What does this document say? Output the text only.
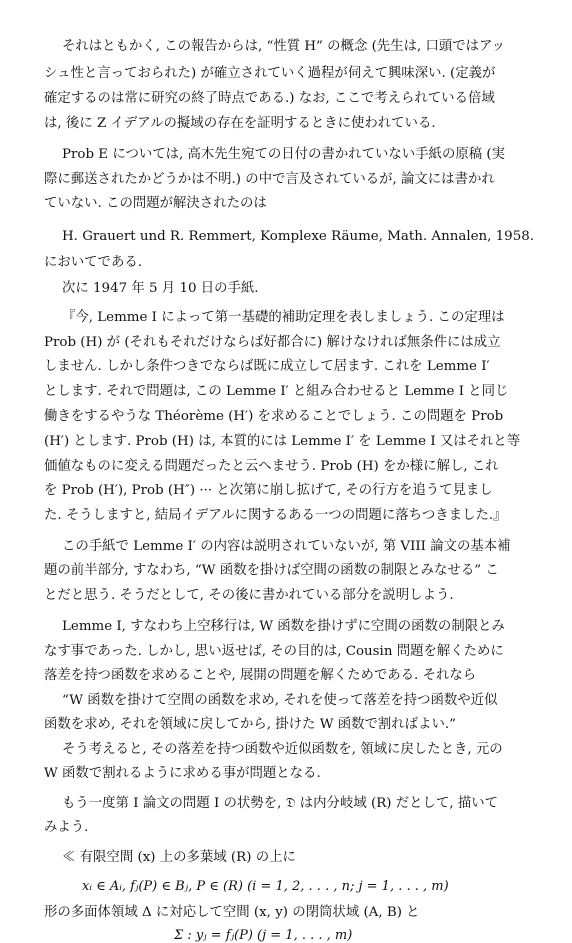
それはともかく, この報告からは, “性質 H” の概念 (先生は, 口頭ではアッ
シュ性と言っておられた) が確立されていく過程が伺えて興味深い. (定義が
確定するのは常に研究の終了時点である.) なお, ここで考えられている倍域
は, 後に Z イデアルの擬域の存在を証明するときに使われている.
Prob E については, 高木先生宛ての日付の書かれていない手紙の原稿 (実
際に郵送されたかどうかは不明.) の中で言及されているが, 論文には書かれ
ていない. この問題が解決されたのは
H. Grauert und R. Remmert, Komplexe Räume, Math. Annalen, 1958.
においてである.
次に 1947 年 5 月 10 日の手紙.
『今, Lemme I によって第一基礎的補助定理を表しましょう. この定理は
Prob (H) が (それもそれだけならば好都合に) 解けなければ無条件には成立
しません. しかし条件つきでならば既に成立して居ます. これを Lemme I′
とします. それで問題は, この Lemme I′ と組み合わせると Lemme I と同じ
働きをするやうな Théorème (H′) を求めることでしょう. この問題を Prob
(H′) とします. Prob (H) は, 本質的には Lemme I′ を Lemme I 又はそれと等
価値なものに変える問題だったと云へませう. Prob (H) をか様に解し, これ
を Prob (H′), Prob (H″) ··· と次第に崩し拡げて, その行方を追うて見まし
た. そうしますと, 結局イデアルに関するある一つの問題に落ちつきました.』
この手紙で Lemme I′ の内容は説明されていないが, 第 VIII 論文の基本補
題の前半部分, すなわち, “W 函数を掛けば空間の函数の制限とみなせる” こ
とだと思う. そうだとして, その後に書かれている部分を説明しよう.
Lemme I, すなわち上空移行は, W 函数を掛けずに空間の函数の制限とみ
なす事であった. しかし, 思い返せば, その目的は, Cousin 問題を解くために
落差を持つ函数を求めることや, 展開の問題を解くためである. それなら
“W 函数を掛けて空間の函数を求め, それを使って落差を持つ函数や近似
函数を求め, それを領域に戻してから, 掛けた W 函数で割ればよい.”
そう考えると, その落差を持つ函数や近似函数を, 領域に戻したとき, 元の
W 函数で割れるように求める事が問題となる.
もう一度第 I 論文の問題 I の状勢を, 𝔇 は内分岐域 (R) だとして, 描いて
みよう.
≪ 有限空間 (x) 上の多葉域 (R) の上に
xᵢ ∈ Aᵢ, fⱼ(P) ∈ Bⱼ, P ∈ (R) (i = 1, 2, . . . , n; j = 1, . . . , m)
形の多面体領域 Δ に対応して空間 (x, y) の閉筒状域 (A, B) と
Σ : yⱼ = fⱼ(P) (j = 1, . . . , m)
